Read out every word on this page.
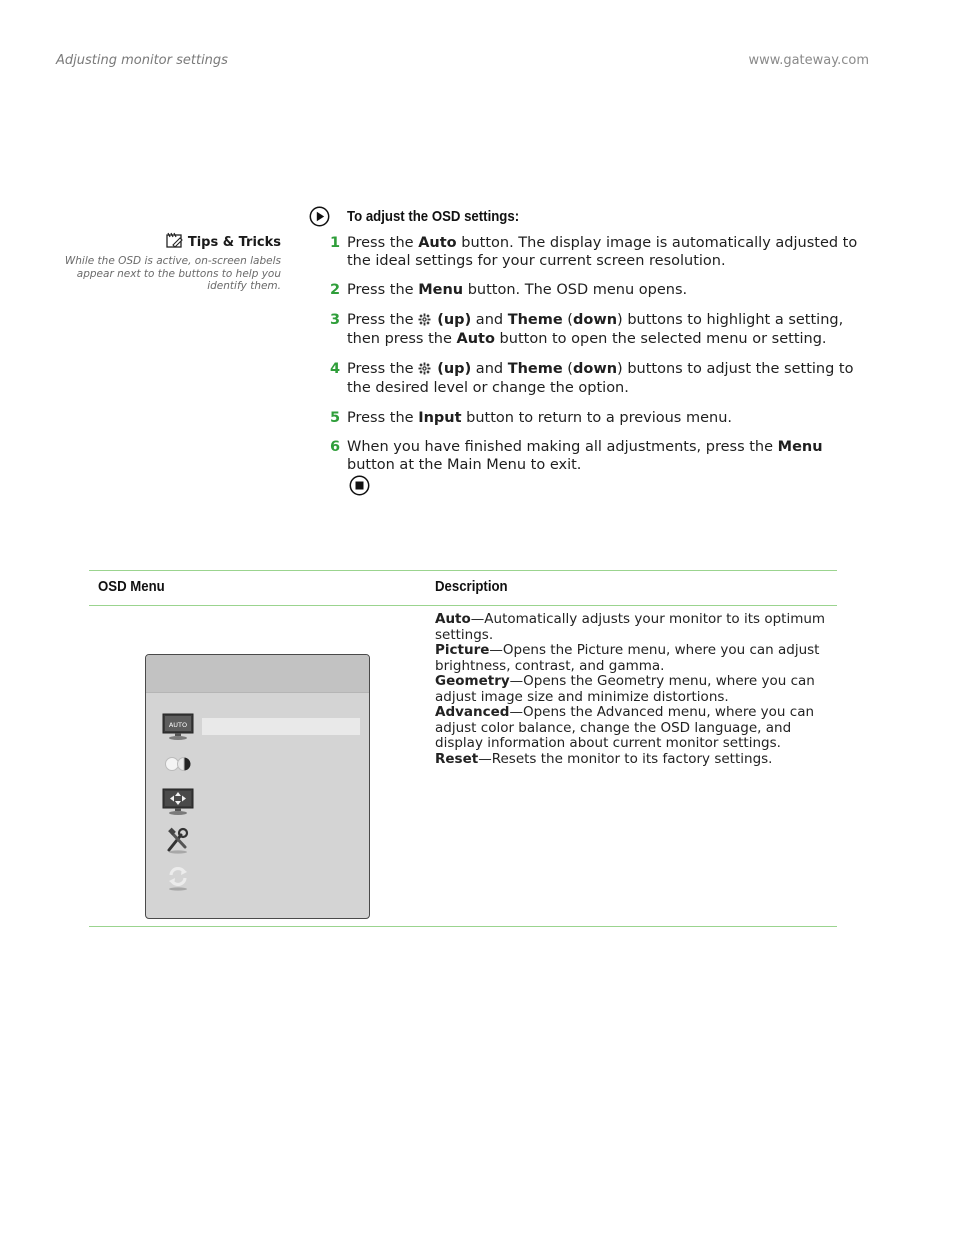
Adjusting monitor settings	www.gateway.com
Tips & Tricks
While the OSD is active, on-screen labels appear next to the buttons to help you identify them.
To adjust the OSD settings:
1 Press the Auto button. The display image is automatically adjusted to the ideal settings for your current screen resolution.
2 Press the Menu button. The OSD menu opens.
3 Press the  (up) and Theme (down) buttons to highlight a setting, then press the Auto button to open the selected menu or setting.
4 Press the  (up) and Theme (down) buttons to adjust the setting to the desired level or change the option.
5 Press the Input button to return to a previous menu.
6 When you have finished making all adjustments, press the Menu button at the Main Menu to exit.
OSD Menu	Description
AUTO

Auto—Automatically adjusts your monitor to its optimum settings.

Picture—Opens the Picture menu, where you can adjust brightness, contrast, and gamma.

Geometry—Opens the Geometry menu, where you can adjust image size and minimize distortions.

Advanced—Opens the Advanced menu, where you can adjust color balance, change the OSD language, and display information about current monitor settings.

Reset—Resets the monitor to its factory settings.
